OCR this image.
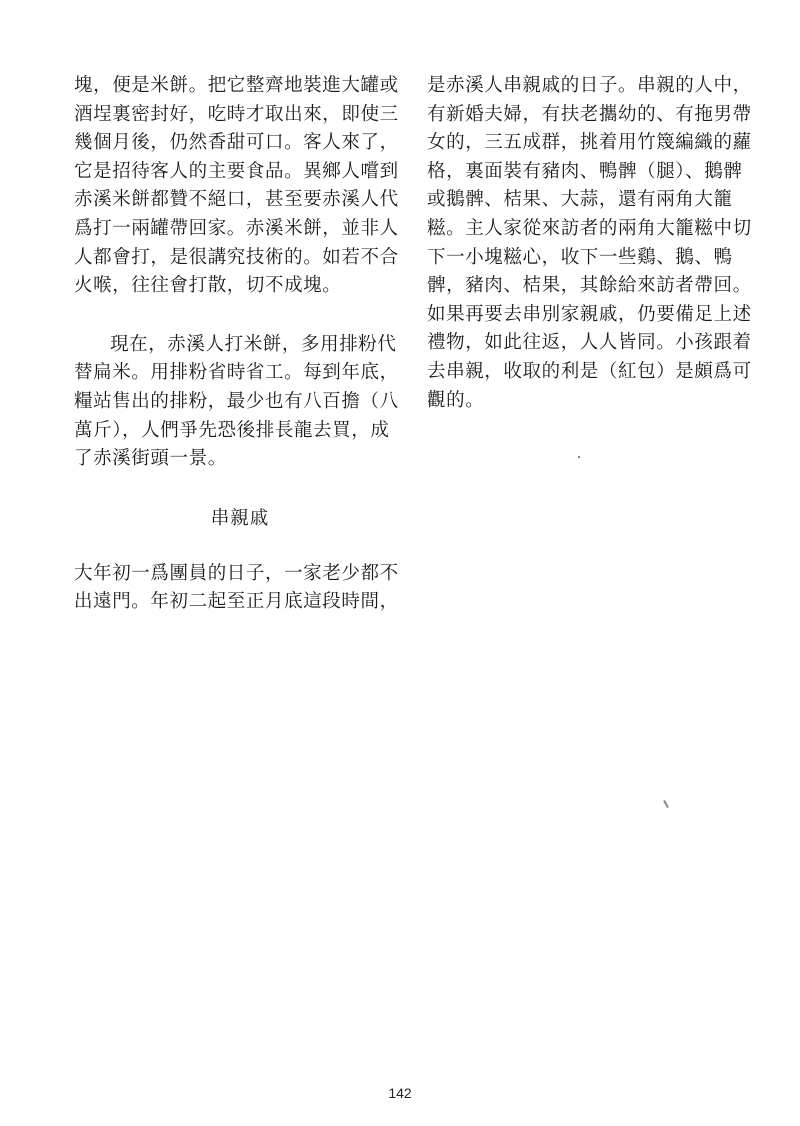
塊，便是米餅。把它整齊地裝進大罐或

酒埕裏密封好，吃時才取出來，即使三

幾個月後，仍然香甜可口。客人來了，

它是招待客人的主要食品。異鄉人嚐到

赤溪米餅都贊不絕口，甚至要赤溪人代

爲打一兩罐帶回家。赤溪米餅，並非人

人都會打，是很講究技術的。如若不合

火喉，往往會打散，切不成塊。

現在，赤溪人打米餅，多用排粉代

替扁米。用排粉省時省工。每到年底，

糧站售出的排粉，最少也有八百擔（八

萬斤），人們爭先恐後排長龍去買，成

了赤溪街頭一景。

串親戚

大年初一爲團員的日子，一家老少都不

出遠門。年初二起至正月底這段時間，

是赤溪人串親戚的日子。串親的人中，

有新婚夫婦，有扶老攜幼的、有拖男帶

女的，三五成群，挑着用竹篾編織的蘿

格，裏面裝有豬肉、鴨髀（腿）、鵝髀

或鵝髀、桔果、大蒜，還有兩角大籠

糍。主人家從來訪者的兩角大籠糍中切

下一小塊糍心，收下一些鷄、鵝、鴨

髀，豬肉、桔果，其餘給來訪者帶回。

如果再要去串別家親戚，仍要備足上述

禮物，如此往返，人人皆同。小孩跟着

去串親，收取的利是（紅包）是頗爲可

觀的。

142
